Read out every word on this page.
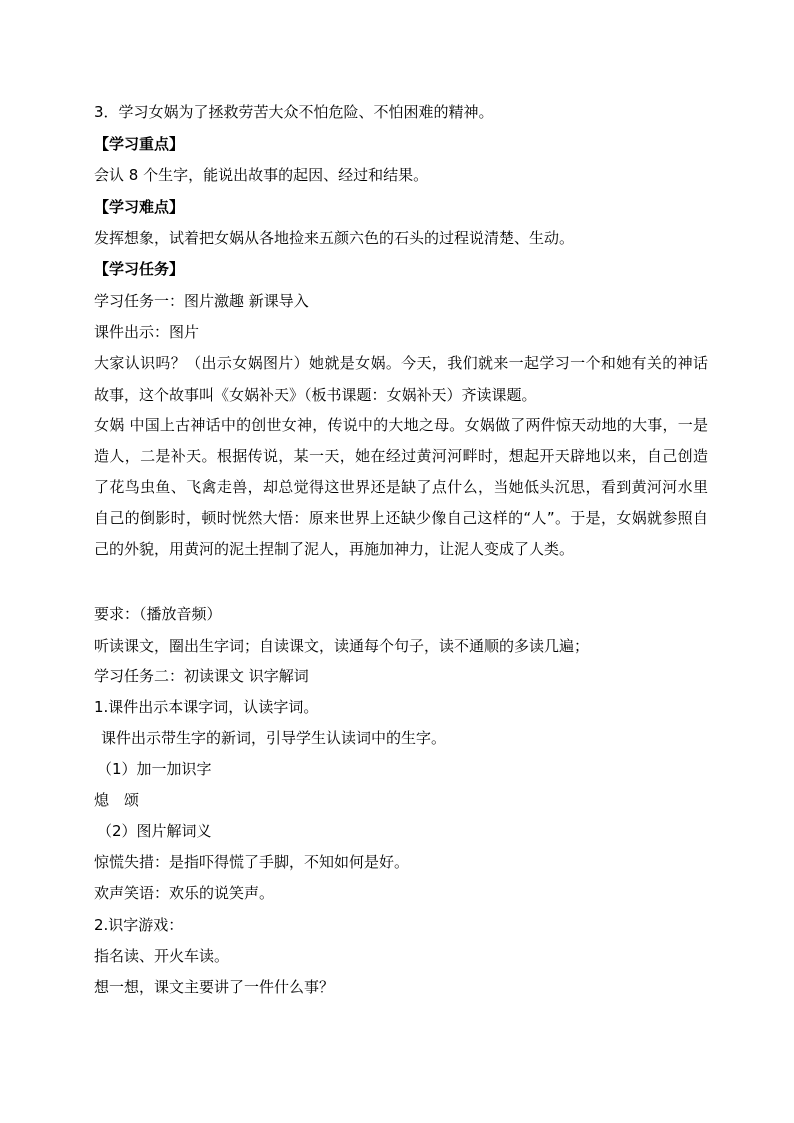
3．学习女娲为了拯救劳苦大众不怕危险、不怕困难的精神。
【学习重点】
会认 8 个生字，能说出故事的起因、经过和结果。
【学习难点】
发挥想象，试着把女娲从各地捡来五颜六色的石头的过程说清楚、生动。
【学习任务】
学习任务一：图片激趣 新课导入
课件出示：图片
大家认识吗？（出示女娲图片）她就是女娲。今天，我们就来一起学习一个和她有关的神话故事，这个故事叫《女娲补天》（板书课题：女娲补天）齐读课题。
女娲 中国上古神话中的创世女神，传说中的大地之母。女娲做了两件惊天动地的大事，一是造人，二是补天。根据传说，某一天，她在经过黄河河畔时，想起开天辟地以来，自己创造了花鸟虫鱼、飞禽走兽，却总觉得这世界还是缺了点什么，当她低头沉思，看到黄河河水里自己的倒影时，顿时恍然大悟：原来世界上还缺少像自己这样的“人”。于是，女娲就参照自己的外貌，用黄河的泥土捏制了泥人，再施加神力，让泥人变成了人类。
要求：（播放音频）
听读课文，圈出生字词；自读课文，读通每个句子，读不通顺的多读几遍；
学习任务二：初读课文 识字解词
1.课件出示本课字词，认读字词。
课件出示带生字的新词，引导学生认读词中的生字。
（1）加一加识字
熄　颂
（2）图片解词义
惊慌失措：是指吓得慌了手脚，不知如何是好。
欢声笑语：欢乐的说笑声。
2.识字游戏：
指名读、开火车读。
想一想，课文主要讲了一件什么事？
